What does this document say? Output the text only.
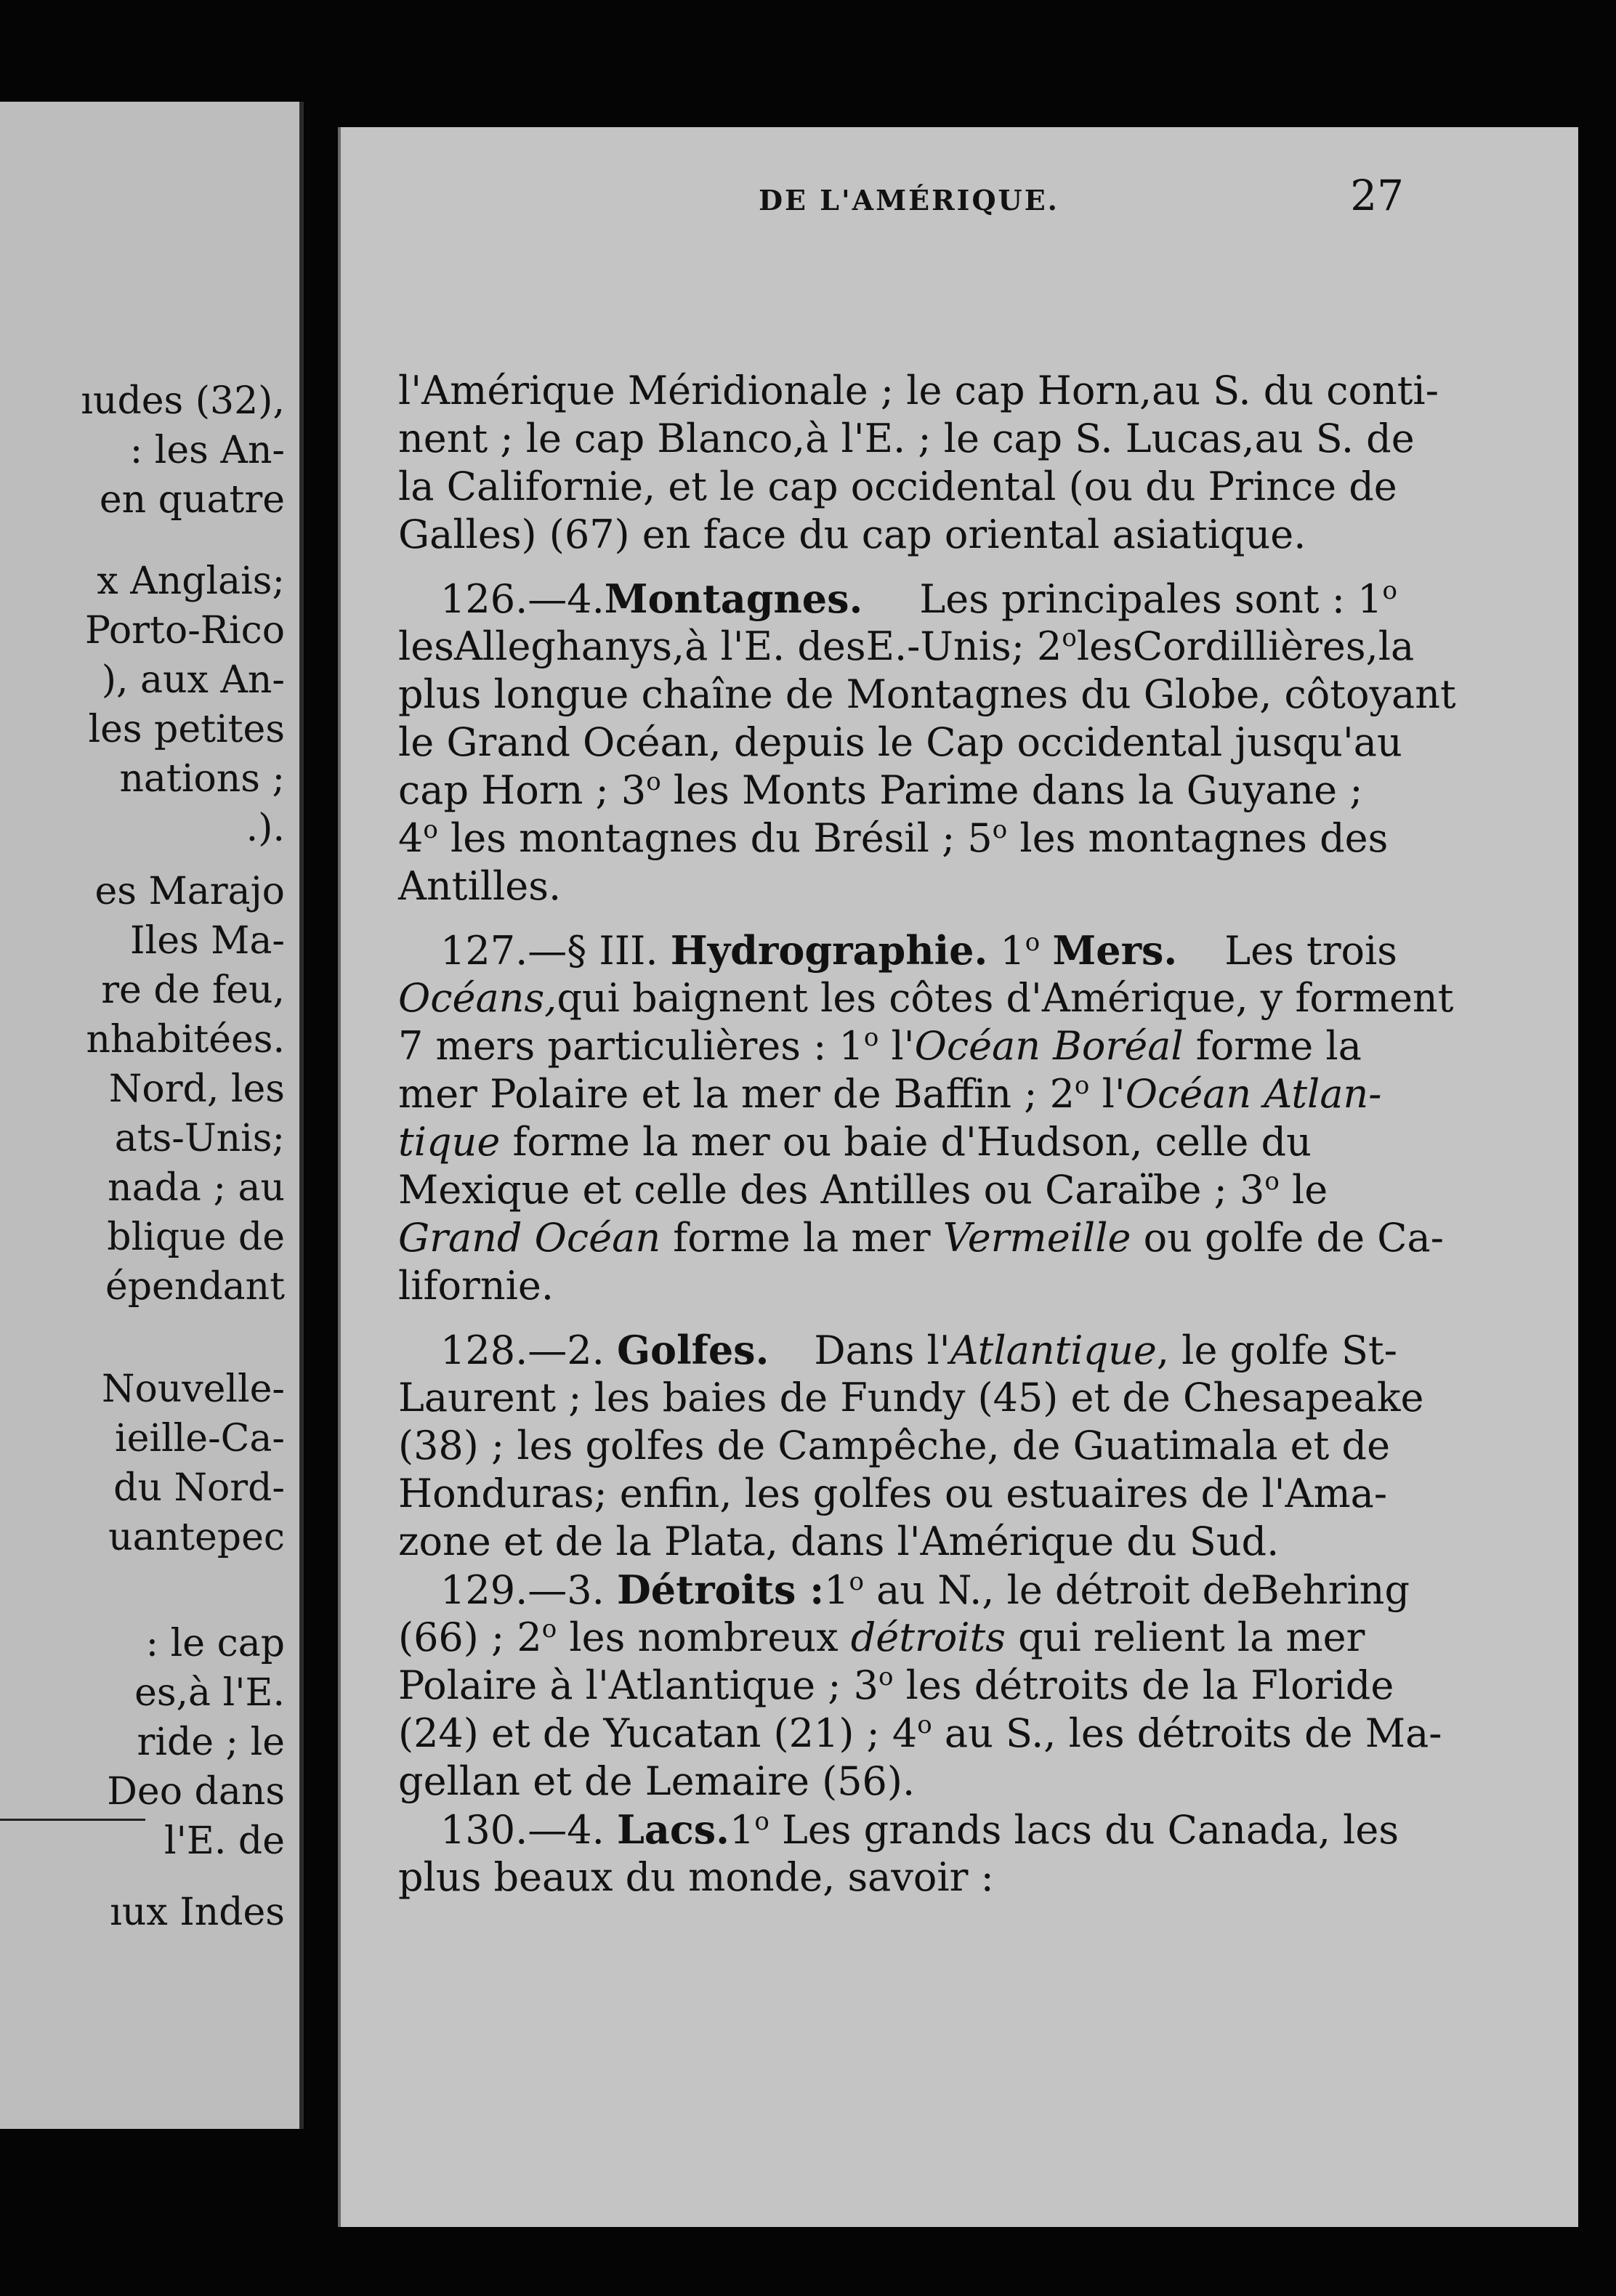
ıudes (32),
: les An-
en quatre
x Anglais;
Porto-Rico
), aux An-
les petites
nations ;
.).
es Marajo
Iles Ma-
re de feu,
nhabitées.
Nord, les
ats-Unis;
nada ; au
blique de
épendant
Nouvelle-
ieille-Ca-
du Nord-
uantepec
: le cap
es,à l'E.
ride ; le
Deo dans
l'E. de
ıux Indes
DE L'AMÉRIQUE.	27
l'Amérique Méridionale ; le cap Horn,au S. du conti-
nent ; le cap Blanco,à l'E. ; le cap S. Lucas,au S. de
la Californie, et le cap occidental (ou du Prince de
Galles) (67) en face du cap oriental asiatique.
126.—4.Montagnes. Les principales sont : 1$^o$
lesAlleghanys,à l'E. desE.-Unis; 2$^o$lesCordillières,la
plus longue chaîne de Montagnes du Globe, côtoyant
le Grand Océan, depuis le Cap occidental jusqu'au
cap Horn ; 3$^o$ les Monts Parime dans la Guyane ;
4$^o$ les montagnes du Brésil ; 5$^o$ les montagnes des
Antilles.
127.—§ III. Hydrographie. 1$^o$ Mers. Les trois
Océans,qui baignent les côtes d'Amérique, y forment
7 mers particulières : 1$^o$ l'Océan Boréal forme la
mer Polaire et la mer de Baffin ; 2$^o$ l'Océan Atlan-
tique forme la mer ou baie d'Hudson, celle du
Mexique et celle des Antilles ou Caraïbe ; 3$^o$ le
Grand Océan forme la mer Vermeille ou golfe de Ca-
lifornie.
128.—2. Golfes. Dans l'Atlantique, le golfe St-
Laurent ; les baies de Fundy (45) et de Chesapeake
(38) ; les golfes de Campêche, de Guatimala et de
Honduras; enfin, les golfes ou estuaires de l'Ama-
zone et de la Plata, dans l'Amérique du Sud.
129.—3. Détroits : 1$^o$ au N., le détroit deBehring
(66) ; 2$^o$ les nombreux détroits qui relient la mer
Polaire à l'Atlantique ; 3$^o$ les détroits de la Floride
(24) et de Yucatan (21) ; 4$^o$ au S., les détroits de Ma-
gellan et de Lemaire (56).
130.—4. Lacs. 1$^o$ Les grands lacs du Canada, les
plus beaux du monde, savoir :
